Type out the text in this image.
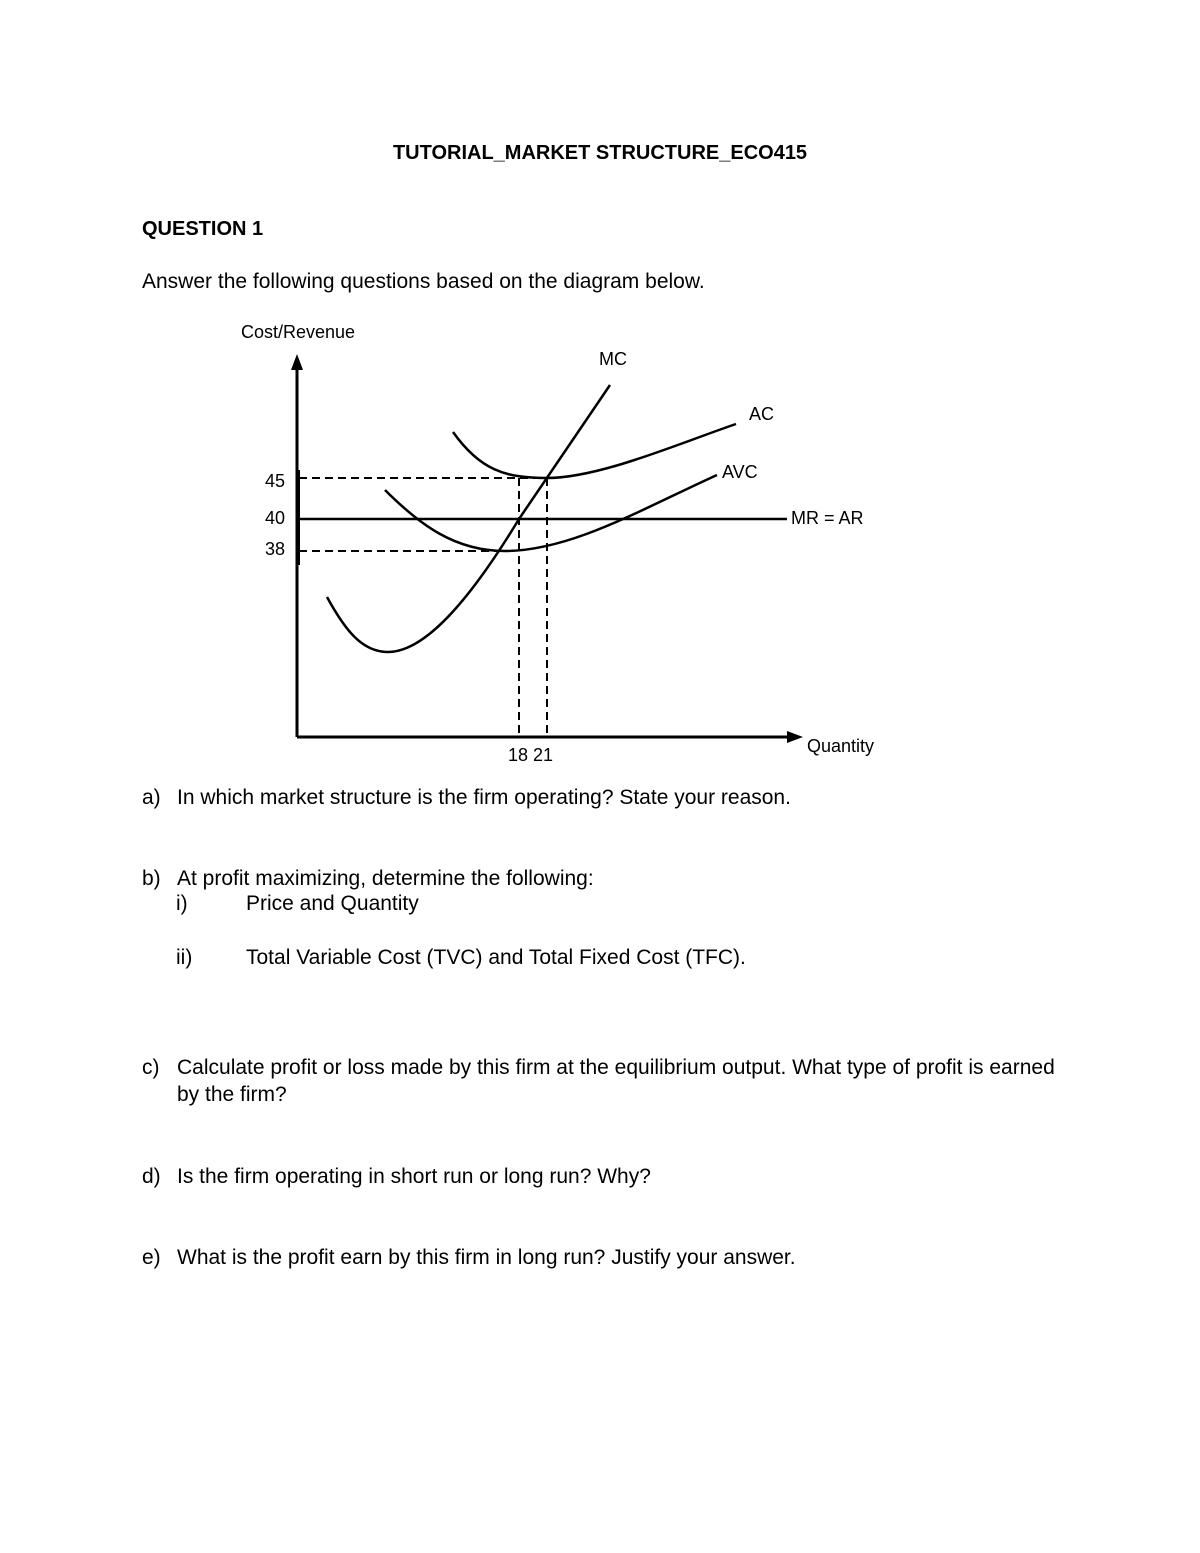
TUTORIAL_MARKET STRUCTURE_ECO415
QUESTION 1
Answer the following questions based on the diagram below.
Cost/Revenue
Quantity
MC
AC
AVC
MR = AR
45
40
38
18 21
a) In which market structure is the firm operating? State your reason.
b) At profit maximizing, determine the following:
i)	Price and Quantity
ii)	Total Variable Cost (TVC) and Total Fixed Cost (TFC).
c) Calculate profit or loss made by this firm at the equilibrium output. What type of profit is earned by the firm?
d) Is the firm operating in short run or long run? Why?
e) What is the profit earn by this firm in long run? Justify your answer.
